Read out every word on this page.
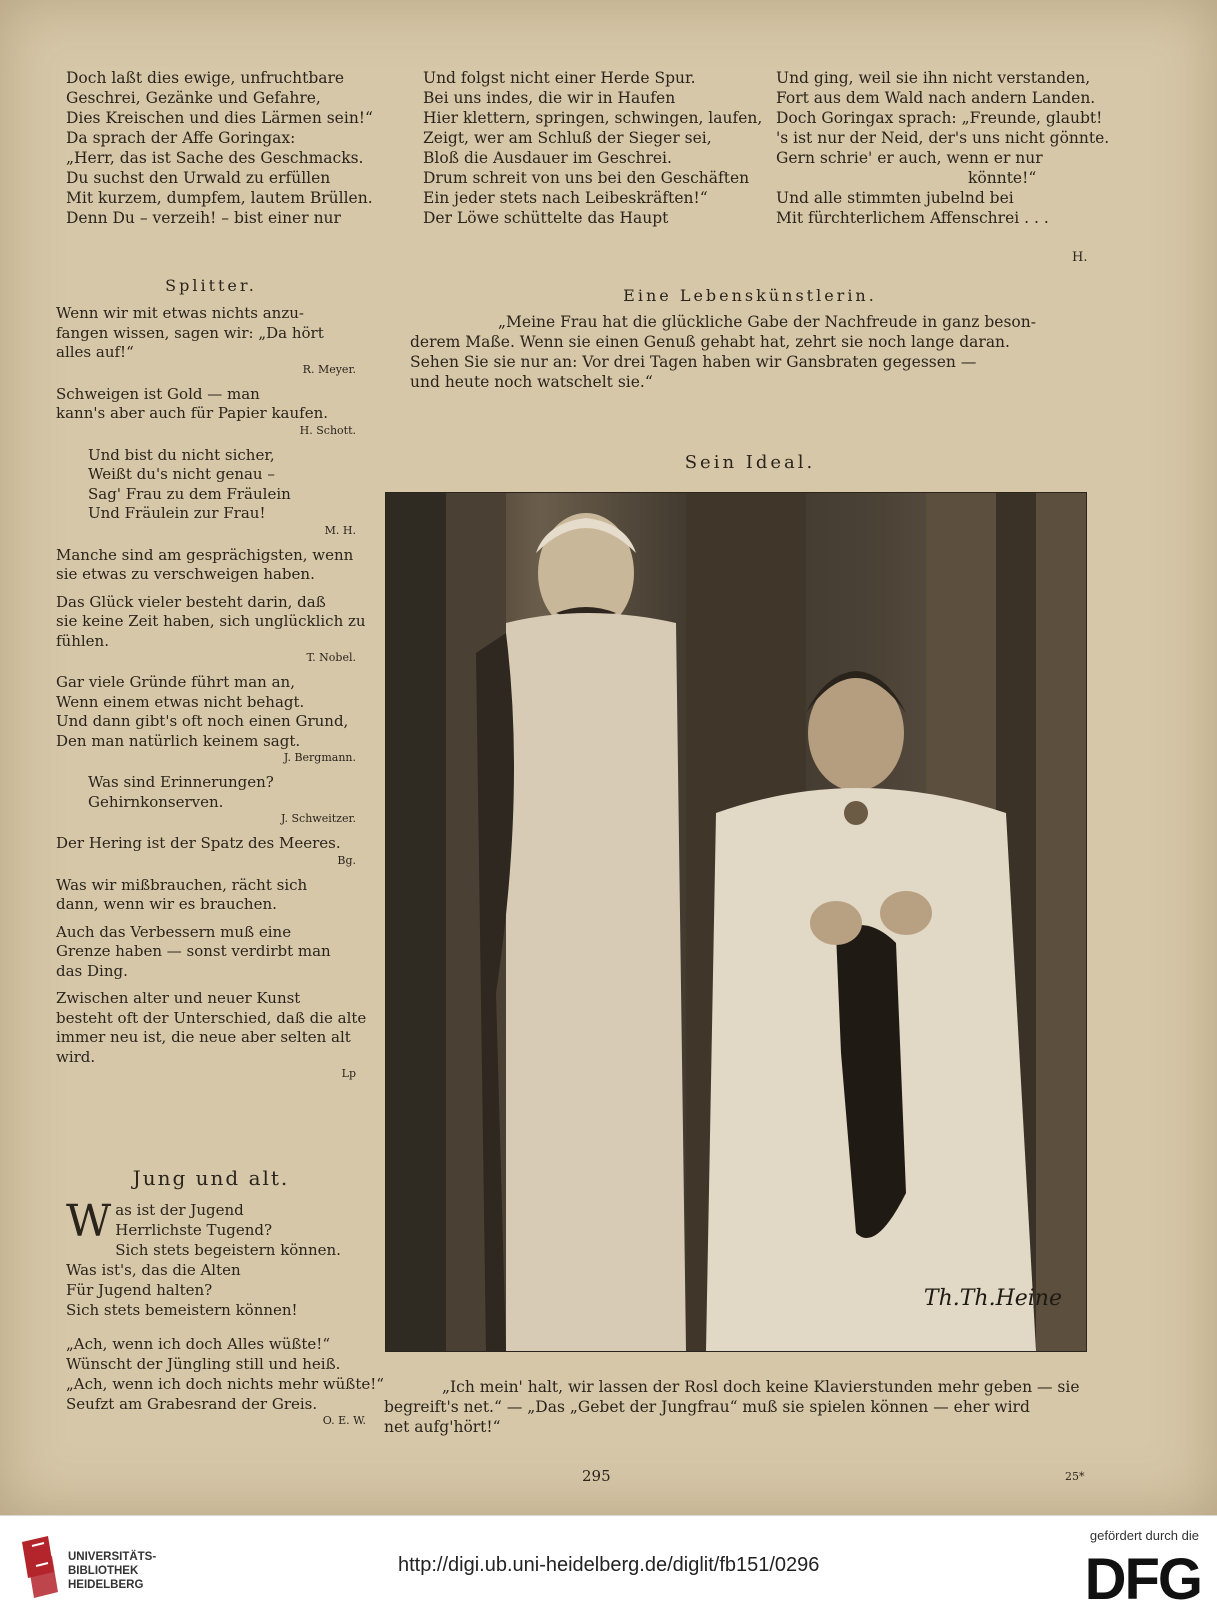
Doch laßt dies ewige, unfruchtbare
Geschrei, Gezänke und Gefahre,
Dies Kreischen und dies Lärmen sein!“
Da sprach der Affe Goringax:
„Herr, das ist Sache des Geschmacks.
Du suchst den Urwald zu erfüllen
Mit kurzem, dumpfem, lautem Brüllen.
Denn Du – verzeih! – bist einer nur
Und folgst nicht einer Herde Spur.
Bei uns indes, die wir in Haufen
Hier klettern, springen, schwingen, laufen,
Zeigt, wer am Schluß der Sieger sei,
Bloß die Ausdauer im Geschrei.
Drum schreit von uns bei den Geschäften
Ein jeder stets nach Leibeskräften!“
Der Löwe schüttelte das Haupt
Und ging, weil sie ihn nicht verstanden,
Fort aus dem Wald nach andern Landen.
Doch Goringax sprach: „Freunde, glaubt!
's ist nur der Neid, der's uns nicht gönnte.
Gern schrie' er auch, wenn er nur
könnte!“
Und alle stimmten jubelnd bei
Mit fürchterlichem Affenschrei . . .
H.
Splitter.
Wenn wir mit etwas nichts anzu-
fangen wissen, sagen wir: „Da hört
alles auf!“
R. Meyer.
Schweigen ist Gold — man
kann's aber auch für Papier kaufen.
H. Schott.
Und bist du nicht sicher,
Weißt du's nicht genau –
Sag' Frau zu dem Fräulein
Und Fräulein zur Frau!
M. H.
Manche sind am gesprächigsten, wenn
sie etwas zu verschweigen haben.
Das Glück vieler besteht darin, daß
sie keine Zeit haben, sich unglücklich zu
fühlen.
T. Nobel.
Gar viele Gründe führt man an,
Wenn einem etwas nicht behagt.
Und dann gibt's oft noch einen Grund,
Den man natürlich keinem sagt.
J. Bergmann.
Was sind Erinnerungen?
Gehirnkonserven.
J. Schweitzer.
Der Hering ist der Spatz des Meeres.
Bg.
Was wir mißbrauchen, rächt sich
dann, wenn wir es brauchen.
Auch das Verbessern muß eine
Grenze haben — sonst verdirbt man
das Ding.
Zwischen alter und neuer Kunst
besteht oft der Unterschied, daß die alte
immer neu ist, die neue aber selten alt
wird.
Lp
Eine Lebenskünstlerin.
„Meine Frau hat die glückliche Gabe der Nachfreude in ganz beson-
derem Maße. Wenn sie einen Genuß gehabt hat, zehrt sie noch lange daran.
Sehen Sie sie nur an: Vor drei Tagen haben wir Gansbraten gegessen —
und heute noch watschelt sie.“
Sein Ideal.
Th.Th.Heine
„Ich mein' halt, wir lassen der Rosl doch keine Klavierstunden mehr geben — sie
begreift's net.“ — „Das „Gebet der Jungfrau“ muß sie spielen können — eher wird
net aufg'hört!“
Jung und alt.
W as ist der Jugend
Herrlichste Tugend?
Sich stets begeistern können.
Was ist's, das die Alten
Für Jugend halten?
Sich stets bemeistern können!
„Ach, wenn ich doch Alles wüßte!“
Wünscht der Jüngling still und heiß.
„Ach, wenn ich doch nichts mehr wüßte!“
Seufzt am Grabesrand der Greis.
O. E. W.
295	25*
UNIVERSITÄTS-
BIBLIOTHEK
HEIDELBERG
http://digi.ub.uni-heidelberg.de/diglit/fb151/0296
gefördert durch die
DFG
